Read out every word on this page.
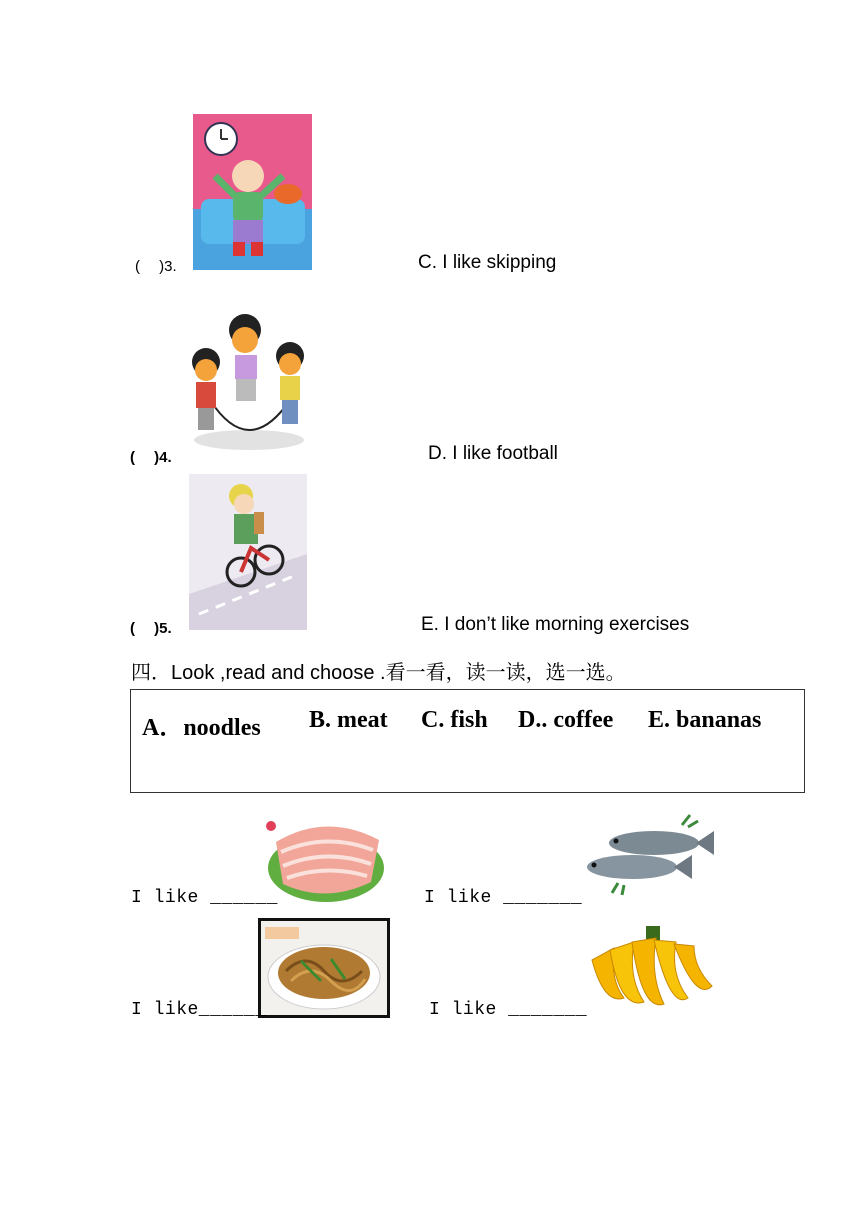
(　 )3.	C. I like skipping
(　 )4.	D. I like football
(　 )5.	E. I don’t like morning exercises
四．Look ,read and choose .看一看，读一读，选一选。
A．noodles B. meat C. fish D.. coffee E. bananas
I like ______	I like _______
I like______	I like _______
